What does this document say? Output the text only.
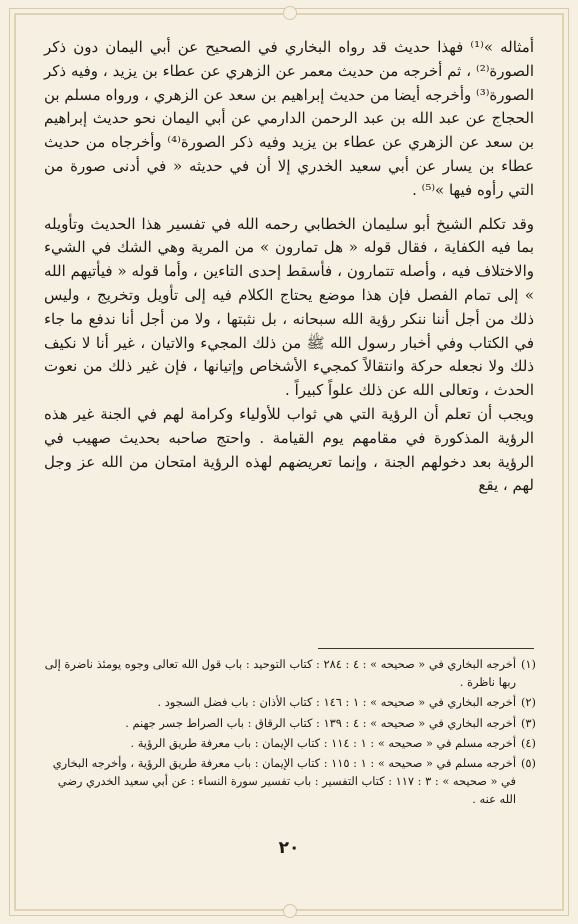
أمثاله »⁽¹⁾ فهذا حديث قد رواه البخاري في الصحيح عن أبي اليمان دون ذكر الصورة⁽²⁾ ، ثم أخرجه من حديث معمر عن الزهري عن عطاء بن يزيد ، وفيه ذكر الصورة⁽³⁾ وأخرجه أيضا من حديث إبراهيم بن سعد عن الزهري ، ورواه مسلم بن الحجاج عن عبد الله بن عبد الرحمن الدارمي عن أبي اليمان نحو حديث إبراهيم بن سعد عن الزهري عن عطاء بن يزيد وفيه ذكر الصورة⁽⁴⁾ وأخرجاه من حديث عطاء بن يسار عن أبي سعيد الخدري إلا أن في حديثه « في أدنى صورة من التي رأوه فيها »⁽⁵⁾ .

وقد تكلم الشيخ أبو سليمان الخطابي رحمه الله في تفسير هذا الحديث وتأويله بما فيه الكفاية ، فقال قوله « هل تمارون » من المرية وهي الشك في الشيء والاختلاف فيه ، وأصله تتمارون ، فأسقط إحدى التاءين ، وأما قوله « فيأتيهم الله » إلى تمام الفصل فإن هذا موضع يحتاج الكلام فيه إلى تأويل وتخريج ، وليس ذلك من أجل أننا ننكر رؤية الله سبحانه ، بل نثبتها ، ولا من أجل أنا ندفع ما جاء في الكتاب وفي أخبار رسول الله ﷺ من ذلك المجيء والاتيان ، غير أنا لا نكيف ذلك ولا نجعله حركة وانتقالاً كمجيء الأشخاص وإتيانها ، فإن غير ذلك من نعوت الحدث ، وتعالى الله عن ذلك علواً كبيراً .

ويجب أن تعلم أن الرؤية التي هي ثواب للأولياء وكرامة لهم في الجنة غير هذه الرؤية المذكورة في مقامهم يوم القيامة . واحتج صاحبه بحديث صهيب في الرؤية بعد دخولهم الجنة ، وإنما تعريضهم لهذه الرؤية امتحان من الله عز وجل لهم ، يقع

(١)
أخرجه البخاري في « صحيحه » : ٤ : ٢٨٤ : كتاب التوحيد : باب قول الله تعالى وجوه يومئذ ناضرة إلى ربها ناظرة .
(٢)
أخرجه البخاري في « صحيحه » : ١ : ١٤٦ : كتاب الأذان : باب فضل السجود .
(٣)
أخرجه البخاري في « صحيحه » : ٤ : ١٣٩ : كتاب الرقاق : باب الصراط جسر جهنم .
(٤)
أخرجه مسلم في « صحيحه » : ١ : ١١٤ : كتاب الإيمان : باب معرفة طريق الرؤية .
(٥)
أخرجه مسلم في « صحيحه » : ١ : ١١٥ : كتاب الإيمان : باب معرفة طريق الرؤية ، وأخرجه البخاري في « صحيحه » : ٣ : ١١٧ : كتاب التفسير : باب تفسير سورة النساء : عن أبي سعيد الخدري رضي الله عنه .
٢٠
